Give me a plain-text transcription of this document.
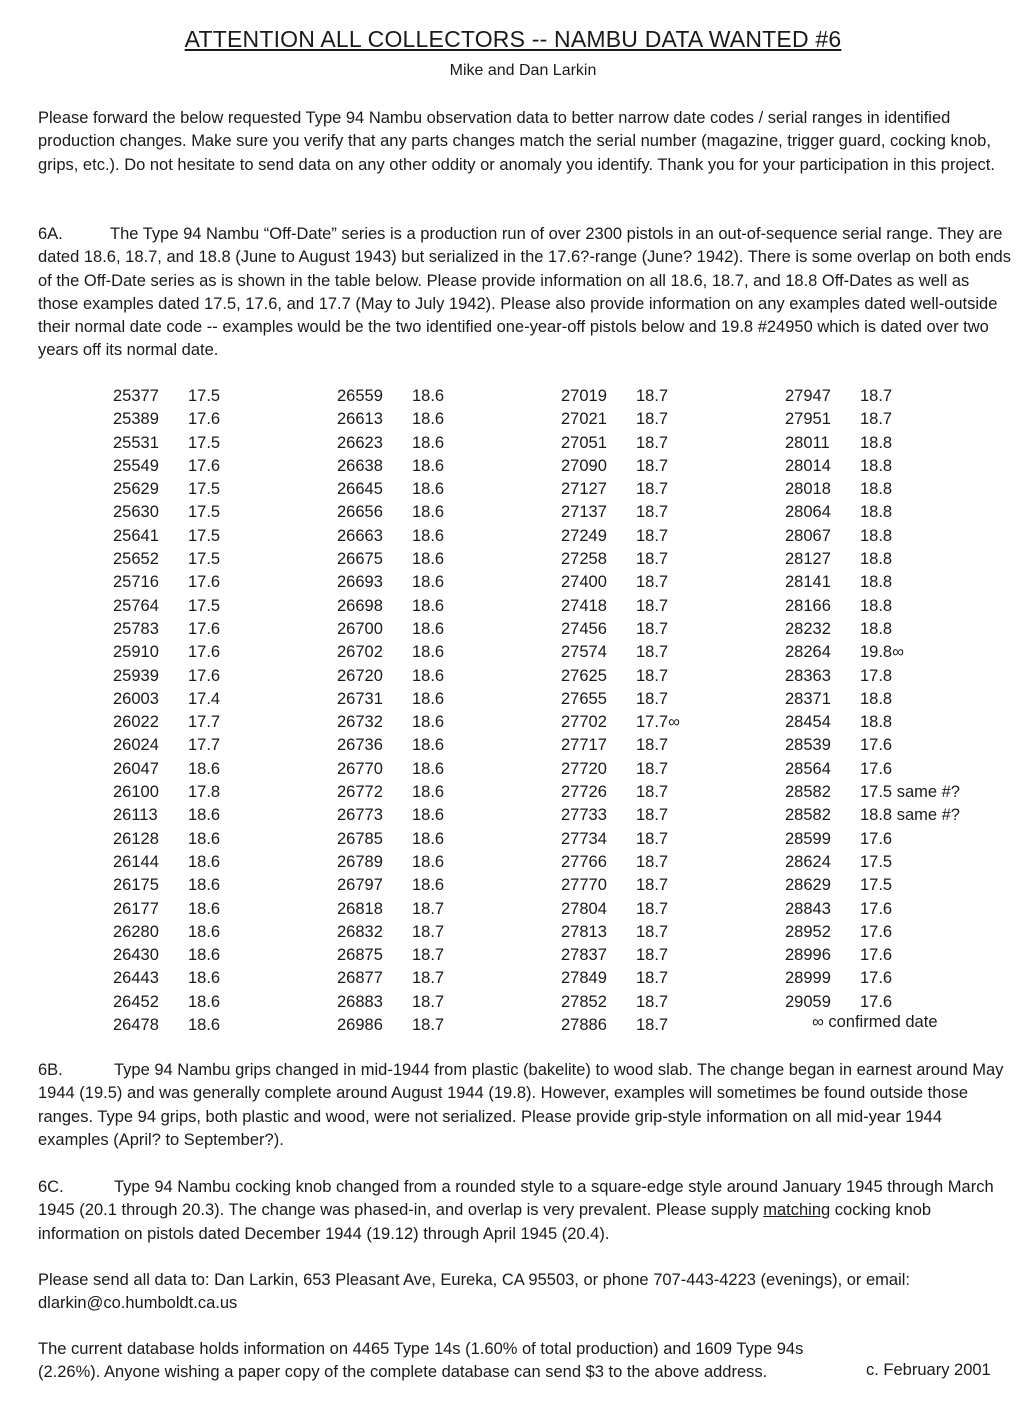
ATTENTION ALL COLLECTORS -- NAMBU DATA WANTED #6
Mike and Dan Larkin

Please forward the below requested Type 94 Nambu observation data to better narrow date codes / serial ranges in identified production changes. Make sure you verify that any parts changes match the serial number (magazine, trigger guard, cocking knob, grips, etc.). Do not hesitate to send data on any other oddity or anomaly you identify. Thank you for your participation in this project.

6A.	The Type 94 Nambu “Off-Date” series is a production run of over 2300 pistols in an out-of-sequence serial range. They are dated 18.6, 18.7, and 18.8 (June to August 1943) but serialized in the 17.6?-range (June? 1942). There is some overlap on both ends of the Off-Date series as is shown in the table below. Please provide information on all 18.6, 18.7, and 18.8 Off-Dates as well as those examples dated 17.5, 17.6, and 17.7 (May to July 1942). Please also provide information on any examples dated well-outside their normal date code -- examples would be the two identified one-year-off pistols below and 19.8 #24950 which is dated over two years off its normal date.

25377 17.5
25389 17.6
25531 17.5
25549 17.6
25629 17.5
25630 17.5
25641 17.5
25652 17.5
25716 17.6
25764 17.5
25783 17.6
25910 17.6
25939 17.6
26003 17.4
26022 17.7
26024 17.7
26047 18.6
26100 17.8
26113 18.6
26128 18.6
26144 18.6
26175 18.6
26177 18.6
26280 18.6
26430 18.6
26443 18.6
26452 18.6
26478 18.6
26559 18.6
26613 18.6
26623 18.6
26638 18.6
26645 18.6
26656 18.6
26663 18.6
26675 18.6
26693 18.6
26698 18.6
26700 18.6
26702 18.6
26720 18.6
26731 18.6
26732 18.6
26736 18.6
26770 18.6
26772 18.6
26773 18.6
26785 18.6
26789 18.6
26797 18.6
26818 18.7
26832 18.7
26875 18.7
26877 18.7
26883 18.7
26986 18.7
27019 18.7
27021 18.7
27051 18.7
27090 18.7
27127 18.7
27137 18.7
27249 18.7
27258 18.7
27400 18.7
27418 18.7
27456 18.7
27574 18.7
27625 18.7
27655 18.7
27702 17.7∞
27717 18.7
27720 18.7
27726 18.7
27733 18.7
27734 18.7
27766 18.7
27770 18.7
27804 18.7
27813 18.7
27837 18.7
27849 18.7
27852 18.7
27886 18.7
27947 18.7
27951 18.7
28011 18.8
28014 18.8
28018 18.8
28064 18.8
28067 18.8
28127 18.8
28141 18.8
28166 18.8
28232 18.8
28264 19.8∞
28363 17.8
28371 18.8
28454 18.8
28539 17.6
28564 17.6
28582 17.5 same #?
28582 18.8 same #?
28599 17.6
28624 17.5
28629 17.5
28843 17.6
28952 17.6
28996 17.6
28999 17.6
29059 17.6
∞ confirmed date

6B.	Type 94 Nambu grips changed in mid-1944 from plastic (bakelite) to wood slab. The change began in earnest around May 1944 (19.5) and was generally complete around August 1944 (19.8). However, examples will sometimes be found outside those ranges. Type 94 grips, both plastic and wood, were not serialized. Please provide grip-style information on all mid-year 1944 examples (April? to September?).

6C.	Type 94 Nambu cocking knob changed from a rounded style to a square-edge style around January 1945 through March 1945 (20.1 through 20.3). The change was phased-in, and overlap is very prevalent. Please supply matching cocking knob information on pistols dated December 1944 (19.12) through April 1945 (20.4).

Please send all data to: Dan Larkin, 653 Pleasant Ave, Eureka, CA 95503, or phone 707-443-4223 (evenings), or email: dlarkin@co.humboldt.ca.us

The current database holds information on 4465 Type 14s (1.60% of total production) and 1609 Type 94s (2.26%). Anyone wishing a paper copy of the complete database can send $3 to the above address.	c. February 2001
